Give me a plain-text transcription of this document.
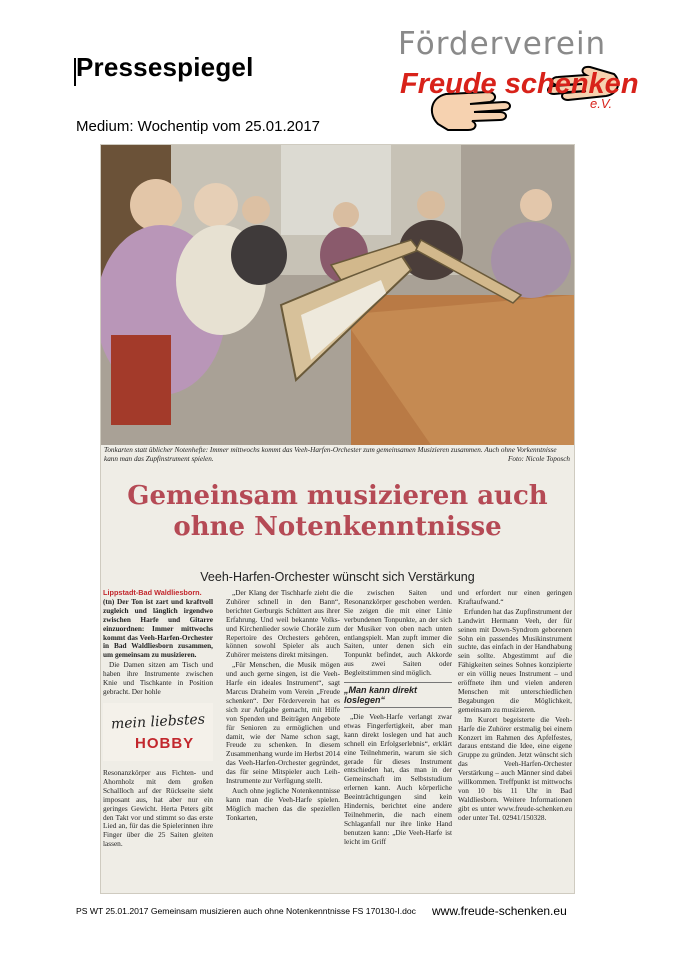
Pressespiegel
Förderverein
Freude schenken
e.V.
Medium: Wochentip vom 25.01.2017
Tonkarten statt üblicher Notenhefte: Immer mittwochs kommt das Veeh-Harfen-Orchester zum gemeinsamen Musizieren zusammen. Auch ohne Vorkenntnisse kann man das Zupfinstrument spielen.	Foto: Nicole Toposch
Gemeinsam musizieren auch
ohne Notenkenntnisse
Veeh-Harfen-Orchester wünscht sich Verstärkung

Lippstadt-Bad Waldliesborn.
(tn) Der Ton ist zart und kraftvoll zugleich und länglich irgendwo zwischen Harfe und Gitarre einzuordnen: Immer mittwochs kommt das Veeh-Harfen-Orchester in Bad Waldliesborn zusammen, um gemeinsam zu musizieren.

Die Damen sitzen am Tisch und haben ihre Instrumente zwischen Knie und Tischkante in Position gebracht. Der hohle

mein liebstes
HOBBY

Resonanzkörper aus Fichten- und Ahornholz mit dem großen Schallloch auf der Rückseite sieht imposant aus, hat aber nur ein geringes Gewicht. Herta Peters gibt den Takt vor und stimmt so das erste Lied an, für das die Spielerinnen ihre Finger über die 25 Saiten gleiten lassen.

„Der Klang der Tischharfe zieht die Zuhörer schnell in den Bann“, berichtet Gerburgis Schüttert aus ihrer Erfahrung. Und weil bekannte Volks- und Kirchenlieder sowie Choräle zum Repertoire des Orchesters gehören, können sowohl Spieler als auch Zuhörer meistens direkt mitsingen.

„Für Menschen, die Musik mögen und auch gerne singen, ist die Veeh-Harfe ein ideales Instrument“, sagt Marcus Draheim vom Verein „Freude schenken“. Der Förderverein hat es sich zur Aufgabe gemacht, mit Hilfe von Spenden und Beiträgen Angebote für Senioren zu ermöglichen und damit, wie der Name schon sagt, Freude zu schenken. In diesem Zusammenhang wurde im Herbst 2014 das Veeh-Harfen-Orchester gegründet, das für seine Mitspieler auch Leih-Instrumente zur Verfügung stellt.

Auch ohne jegliche Notenkenntnisse kann man die Veeh-Harfe spielen. Möglich machen das die speziellen Tonkarten,

die zwischen Saiten und Resonanzkörper geschoben werden. Sie zeigen die mit einer Linie verbundenen Tonpunkte, an der sich der Musiker von oben nach unten entlangspielt. Man zupft immer die Saiten, unter denen sich ein Tonpunkt befindet, auch Akkorde aus zwei Saiten oder Begleitstimmen sind möglich.

„Man kann direkt loslegen“

„Die Veeh-Harfe verlangt zwar etwas Fingerfertigkeit, aber man kann direkt loslegen und hat auch schnell ein Erfolgserlebnis“, erklärt eine Teilnehmerin, warum sie sich gerade für dieses Instrument entschieden hat, das man in der Gemeinschaft im Selbststudium erlernen kann. Auch körperliche Beeinträchtigungen sind kein Hindernis, berichtet eine andere Teilnehmerin, die nach einem Schlaganfall nur ihre linke Hand benutzen kann: „Die Veeh-Harfe ist leicht im Griff

und erfordert nur einen geringen Kraftaufwand.“

Erfunden hat das Zupfinstrument der Landwirt Hermann Veeh, der für seinen mit Down-Syndrom geborenen Sohn ein passendes Musikinstrument suchte, das einfach in der Handhabung sein sollte. Abgestimmt auf die Fähigkeiten seines Sohnes konzipierte er ein völlig neues Instrument – und eröffnete ihm und vielen anderen Menschen mit unterschiedlichen Begabungen die Möglichkeit, gemeinsam zu musizieren.

Im Kurort begeisterte die Veeh-Harfe die Zuhörer erstmalig bei einem Konzert im Rahmen des Apfelfestes, daraus entstand die Idee, eine eigene Gruppe zu gründen. Jetzt wünscht sich das Veeh-Harfen-Orchester Verstärkung – auch Männer sind dabei willkommen. Treffpunkt ist mittwochs von 10 bis 11 Uhr in Bad Waldliesborn. Weitere Informationen gibt es unter www.freude-schenken.eu oder unter Tel. 02941/150328.

PS WT 25.01.2017 Gemeinsam musizieren auch ohne Notenkenntnisse FS 170130-I.doc www.freude-schenken.eu
